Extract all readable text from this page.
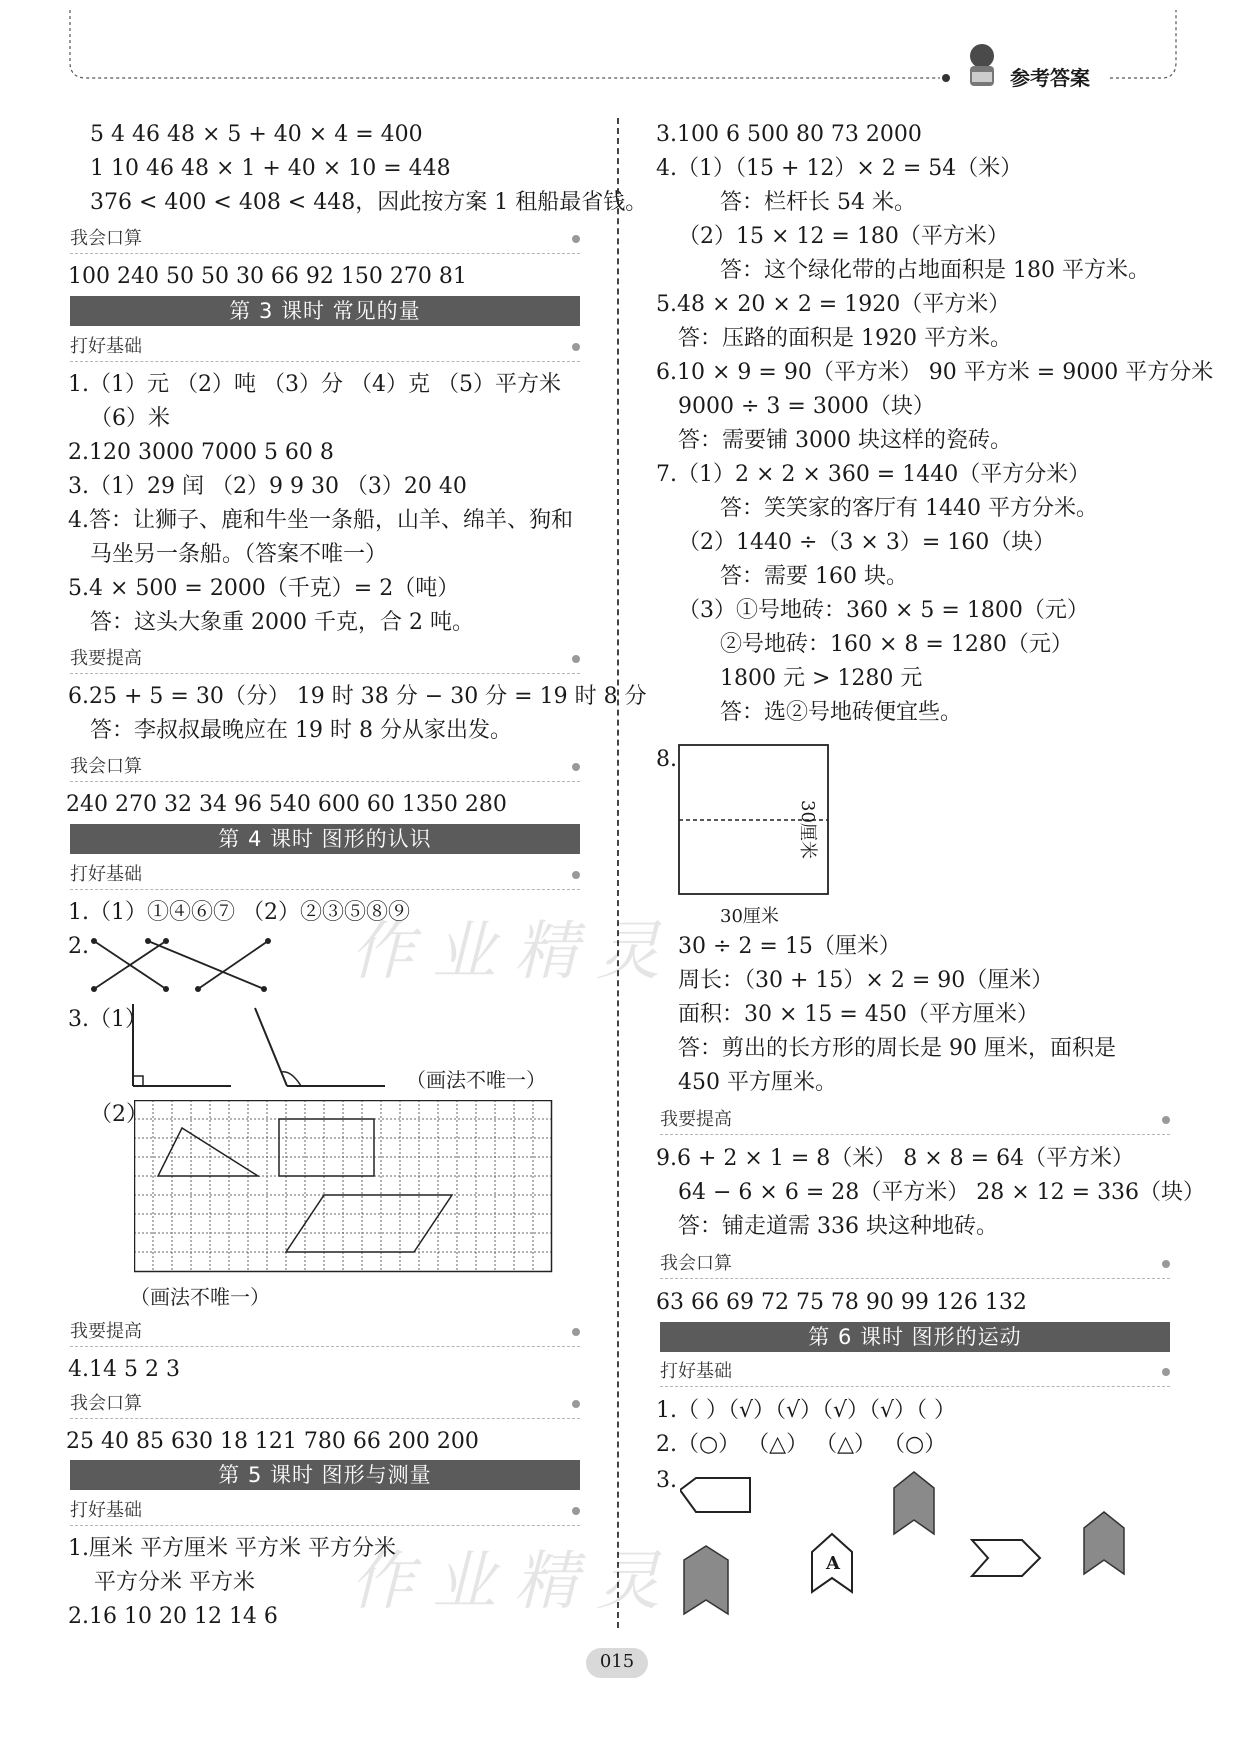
参考答案
作业精灵
作业精灵
5 4 46 48 × 5 + 40 × 4 = 400
1 10 46 48 × 1 + 40 × 10 = 448
376 < 400 < 408 < 448，因此按方案 1 租船最省钱。
我会口算
100 240 50 50 30 66 92 150 270 81
第 3 课时 常见的量
打好基础
1.（1）元 （2）吨 （3）分 （4）克 （5）平方米
（6）米
2.120 3000 7000 5 60 8
3.（1）29 闰 （2）9 9 30 （3）20 40
4.答：让狮子、鹿和牛坐一条船，山羊、绵羊、狗和
马坐另一条船。（答案不唯一）
5.4 × 500 = 2000（千克）= 2（吨）
答：这头大象重 2000 千克，合 2 吨。
我要提高
6.25 + 5 = 30（分） 19 时 38 分 − 30 分 = 19 时 8 分
答：李叔叔最晚应在 19 时 8 分从家出发。
我会口算
240 270 32 34 96 540 600 60 1350 280
第 4 课时 图形的认识
打好基础
1.（1）①④⑥⑦ （2）②③⑤⑧⑨
2.
3.（1）
（画法不唯一）
（2）
（画法不唯一）
我要提高
4.14 5 2 3
我会口算
25 40 85 630 18 121 780 66 200 200
第 5 课时 图形与测量
打好基础
1.厘米 平方厘米 平方米 平方分米
平方分米 平方米
2.16 10 20 12 14 6
3.100 6 500 80 73 2000
4.（1）（15 + 12）× 2 = 54（米）
答：栏杆长 54 米。
（2）15 × 12 = 180（平方米）
答：这个绿化带的占地面积是 180 平方米。
5.48 × 20 × 2 = 1920（平方米）
答：压路的面积是 1920 平方米。
6.10 × 9 = 90（平方米） 90 平方米 = 9000 平方分米
9000 ÷ 3 = 3000（块）
答：需要铺 3000 块这样的瓷砖。
7.（1）2 × 2 × 360 = 1440（平方分米）
答：笑笑家的客厅有 1440 平方分米。
（2）1440 ÷（3 × 3）= 160（块）
答：需要 160 块。
（3）①号地砖：360 × 5 = 1800（元）
②号地砖：160 × 8 = 1280（元）
1800 元 > 1280 元
答：选②号地砖便宜些。
8.
30厘米
30厘米
30 ÷ 2 = 15（厘米）
周长：（30 + 15）× 2 = 90（厘米）
面积：30 × 15 = 450（平方厘米）
答：剪出的长方形的周长是 90 厘米，面积是
450 平方厘米。
我要提高
9.6 + 2 × 1 = 8（米） 8 × 8 = 64（平方米）
64 − 6 × 6 = 28（平方米） 28 × 12 = 336（块）
答：铺走道需 336 块这种地砖。
我会口算
63 66 69 72 75 78 90 99 126 132
第 6 课时 图形的运动
打好基础
1.（ ）（√）（√）（√）（√）（ ）
2.（○） （△） （△） （○）
3.
A
015
